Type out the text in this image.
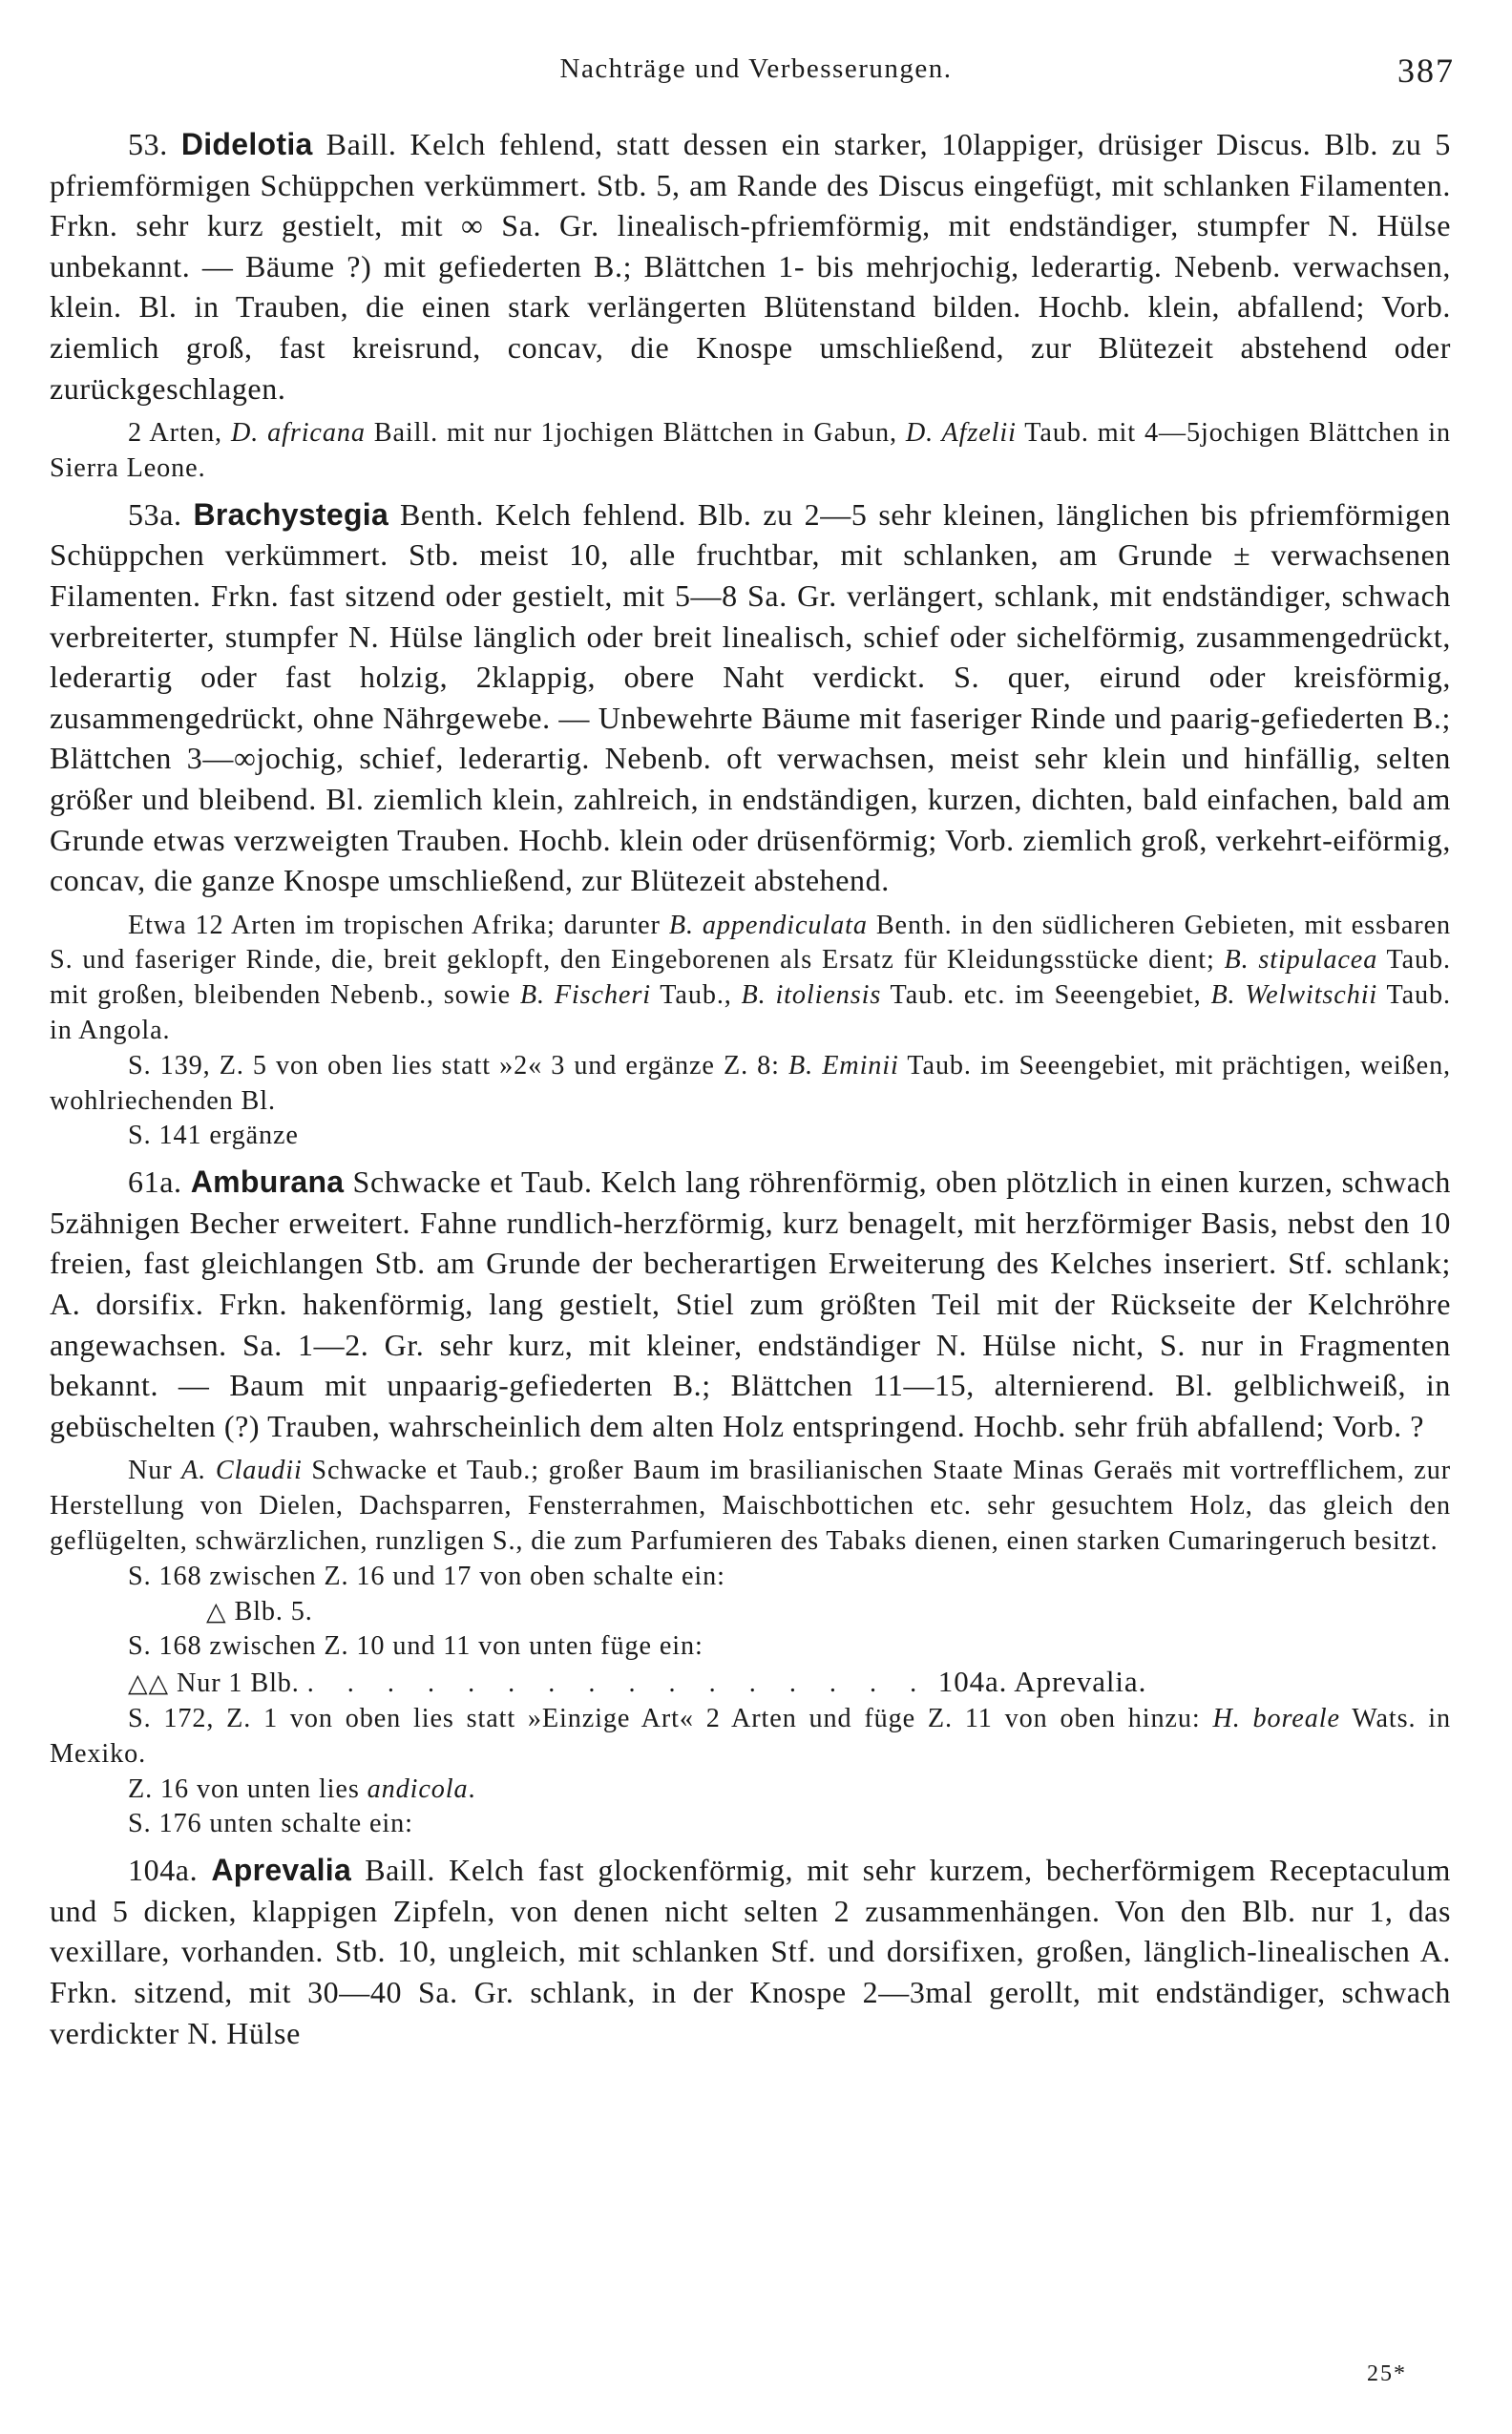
Nachträge und Verbesserungen.	387

53. Didelotia Baill. Kelch fehlend, statt dessen ein starker, 10lappiger, drüsiger Discus. Blb. zu 5 pfriemförmigen Schüppchen verkümmert. Stb. 5, am Rande des Discus eingefügt, mit schlanken Filamenten. Frkn. sehr kurz gestielt, mit ∞ Sa. Gr. linealisch-pfriemförmig, mit endständiger, stumpfer N. Hülse unbekannt. — Bäume ?) mit gefiederten B.; Blättchen 1- bis mehrjochig, lederartig. Nebenb. verwachsen, klein. Bl. in Trauben, die einen stark verlängerten Blütenstand bilden. Hochb. klein, abfallend; Vorb. ziemlich groß, fast kreisrund, concav, die Knospe umschließend, zur Blütezeit abstehend oder zurückgeschlagen.

2 Arten, D. africana Baill. mit nur 1jochigen Blättchen in Gabun, D. Afzelii Taub. mit 4—5jochigen Blättchen in Sierra Leone.

53a. Brachystegia Benth. Kelch fehlend. Blb. zu 2—5 sehr kleinen, länglichen bis pfriemförmigen Schüppchen verkümmert. Stb. meist 10, alle fruchtbar, mit schlanken, am Grunde ± verwachsenen Filamenten. Frkn. fast sitzend oder gestielt, mit 5—8 Sa. Gr. verlängert, schlank, mit endständiger, schwach verbreiterter, stumpfer N. Hülse länglich oder breit linealisch, schief oder sichelförmig, zusammengedrückt, lederartig oder fast holzig, 2klappig, obere Naht verdickt. S. quer, eirund oder kreisförmig, zusammengedrückt, ohne Nährgewebe. — Unbewehrte Bäume mit faseriger Rinde und paarig-gefiederten B.; Blättchen 3—∞jochig, schief, lederartig. Nebenb. oft verwachsen, meist sehr klein und hinfällig, selten größer und bleibend. Bl. ziemlich klein, zahlreich, in endständigen, kurzen, dichten, bald einfachen, bald am Grunde etwas verzweigten Trauben. Hochb. klein oder drüsenförmig; Vorb. ziemlich groß, verkehrt-eiförmig, concav, die ganze Knospe umschließend, zur Blütezeit abstehend.

Etwa 12 Arten im tropischen Afrika; darunter B. appendiculata Benth. in den südlicheren Gebieten, mit essbaren S. und faseriger Rinde, die, breit geklopft, den Eingeborenen als Ersatz für Kleidungsstücke dient; B. stipulacea Taub. mit großen, bleibenden Nebenb., sowie B. Fischeri Taub., B. itoliensis Taub. etc. im Seeengebiet, B. Welwitschii Taub. in Angola.

S. 139, Z. 5 von oben lies statt »2« 3 und ergänze Z. 8: B. Eminii Taub. im Seeengebiet, mit prächtigen, weißen, wohlriechenden Bl.

S. 141 ergänze

61a. Amburana Schwacke et Taub. Kelch lang röhrenförmig, oben plötzlich in einen kurzen, schwach 5zähnigen Becher erweitert. Fahne rundlich-herzförmig, kurz benagelt, mit herzförmiger Basis, nebst den 10 freien, fast gleichlangen Stb. am Grunde der becherartigen Erweiterung des Kelches inseriert. Stf. schlank; A. dorsifix. Frkn. hakenförmig, lang gestielt, Stiel zum größten Teil mit der Rückseite der Kelchröhre angewachsen. Sa. 1—2. Gr. sehr kurz, mit kleiner, endständiger N. Hülse nicht, S. nur in Fragmenten bekannt. — Baum mit unpaarig-gefiederten B.; Blättchen 11—15, alternierend. Bl. gelblichweiß, in gebüschelten (?) Trauben, wahrscheinlich dem alten Holz entspringend. Hochb. sehr früh abfallend; Vorb. ?

Nur A. Claudii Schwacke et Taub.; großer Baum im brasilianischen Staate Minas Geraës mit vortrefflichem, zur Herstellung von Dielen, Dachsparren, Fensterrahmen, Maischbottichen etc. sehr gesuchtem Holz, das gleich den geflügelten, schwärzlichen, runzligen S., die zum Parfumieren des Tabaks dienen, einen starken Cumaringeruch besitzt.

S. 168 zwischen Z. 16 und 17 von oben schalte ein:

△ Blb. 5.

S. 168 zwischen Z. 10 und 11 von unten füge ein:

△△ Nur 1 Blb. . . . . . . . . . . . . . . . . 104a. Aprevalia.

S. 172, Z. 1 von oben lies statt »Einzige Art« 2 Arten und füge Z. 11 von oben hinzu: H. boreale Wats. in Mexiko.

Z. 16 von unten lies andicola.

S. 176 unten schalte ein:

104a. Aprevalia Baill. Kelch fast glockenförmig, mit sehr kurzem, becherförmigem Receptaculum und 5 dicken, klappigen Zipfeln, von denen nicht selten 2 zusammenhängen. Von den Blb. nur 1, das vexillare, vorhanden. Stb. 10, ungleich, mit schlanken Stf. und dorsifixen, großen, länglich-linealischen A. Frkn. sitzend, mit 30—40 Sa. Gr. schlank, in der Knospe 2—3mal gerollt, mit endständiger, schwach verdickter N. Hülse

25*
